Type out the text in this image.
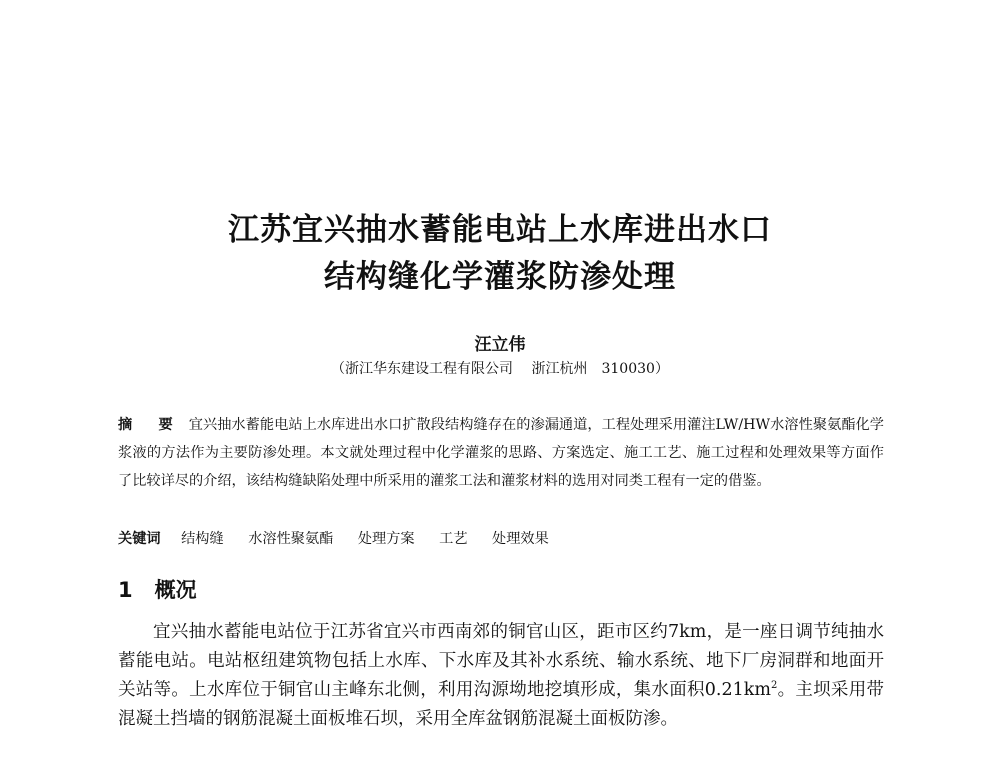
江苏宜兴抽水蓄能电站上水库进出水口
结构缝化学灌浆防渗处理
汪立伟
（浙江华东建设工程有限公司　 浙江杭州　310030）
摘　要 宜兴抽水蓄能电站上水库进出水口扩散段结构缝存在的渗漏通道，工程处理采用灌注LW/HW水溶性聚氨酯化学浆液的方法作为主要防渗处理。本文就处理过程中化学灌浆的思路、方案选定、施工工艺、施工过程和处理效果等方面作了比较详尽的介绍，该结构缝缺陷处理中所采用的灌浆工法和灌浆材料的选用对同类工程有一定的借鉴。
关键词 结构缝 水溶性聚氨酯 处理方案 工艺 处理效果
1 概况
宜兴抽水蓄能电站位于江苏省宜兴市西南郊的铜官山区，距市区约7km，是一座日调节纯抽水蓄能电站。电站枢纽建筑物包括上水库、下水库及其补水系统、输水系统、地下厂房洞群和地面开关站等。上水库位于铜官山主峰东北侧，利用沟源坳地挖填形成，集水面积$0.21km^2$。主坝采用带混凝土挡墙的钢筋混凝土面板堆石坝，采用全库盆钢筋混凝土面板防渗。
